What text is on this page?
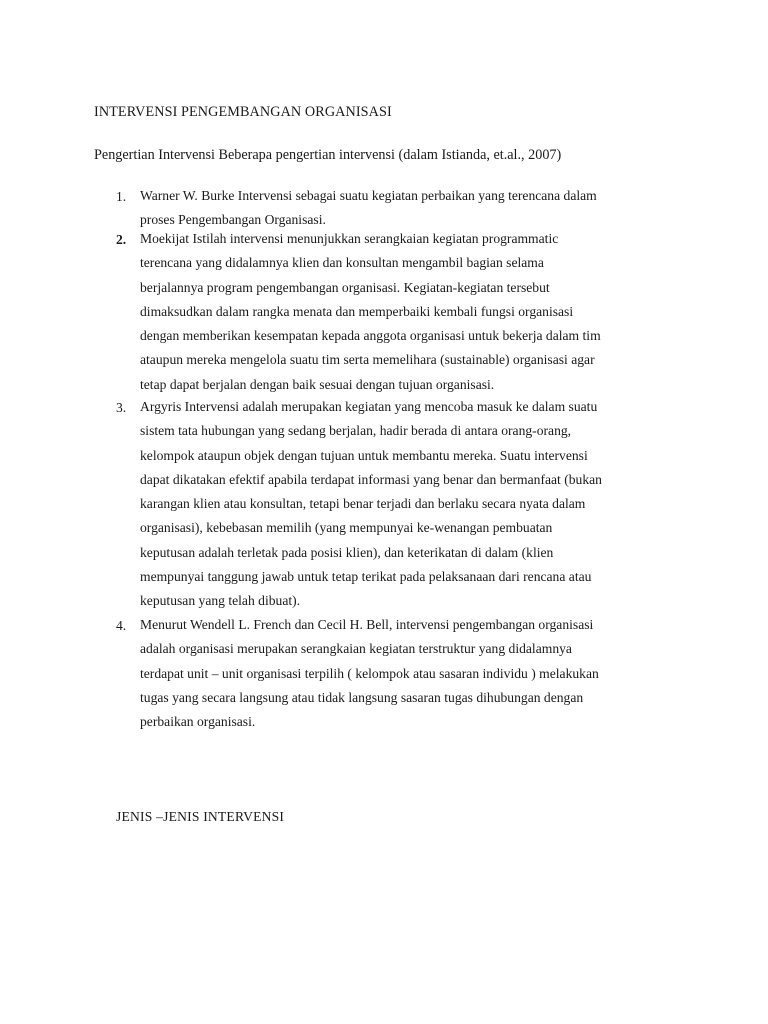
INTERVENSI PENGEMBANGAN ORGANISASI
Pengertian Intervensi Beberapa pengertian intervensi (dalam Istianda, et.al., 2007)
1. Warner W. Burke Intervensi sebagai suatu kegiatan perbaikan yang terencana dalam
proses Pengembangan Organisasi.

2. Moekijat Istilah intervensi menunjukkan serangkaian kegiatan programmatic
terencana yang didalamnya klien dan konsultan mengambil bagian selama
berjalannya program pengembangan organisasi. Kegiatan-kegiatan tersebut
dimaksudkan dalam rangka menata dan memperbaiki kembali fungsi organisasi
dengan memberikan kesempatan kepada anggota organisasi untuk bekerja dalam tim
ataupun mereka mengelola suatu tim serta memelihara (sustainable) organisasi agar
tetap dapat berjalan dengan baik sesuai dengan tujuan organisasi.

3. Argyris Intervensi adalah merupakan kegiatan yang mencoba masuk ke dalam suatu
sistem tata hubungan yang sedang berjalan, hadir berada di antara orang-orang,
kelompok ataupun objek dengan tujuan untuk membantu mereka. Suatu intervensi
dapat dikatakan efektif apabila terdapat informasi yang benar dan bermanfaat (bukan
karangan klien atau konsultan, tetapi benar terjadi dan berlaku secara nyata dalam
organisasi), kebebasan memilih (yang mempunyai ke-wenangan pembuatan
keputusan adalah terletak pada posisi klien), dan keterikatan di dalam (klien
mempunyai tanggung jawab untuk tetap terikat pada pelaksanaan dari rencana atau
keputusan yang telah dibuat).

4. Menurut Wendell L. French dan Cecil H. Bell, intervensi pengembangan organisasi
adalah organisasi merupakan serangkaian kegiatan terstruktur yang didalamnya
terdapat unit – unit organisasi terpilih ( kelompok atau sasaran individu ) melakukan
tugas yang secara langsung atau tidak langsung sasaran tugas dihubungan dengan
perbaikan organisasi.

JENIS –JENIS INTERVENSI
